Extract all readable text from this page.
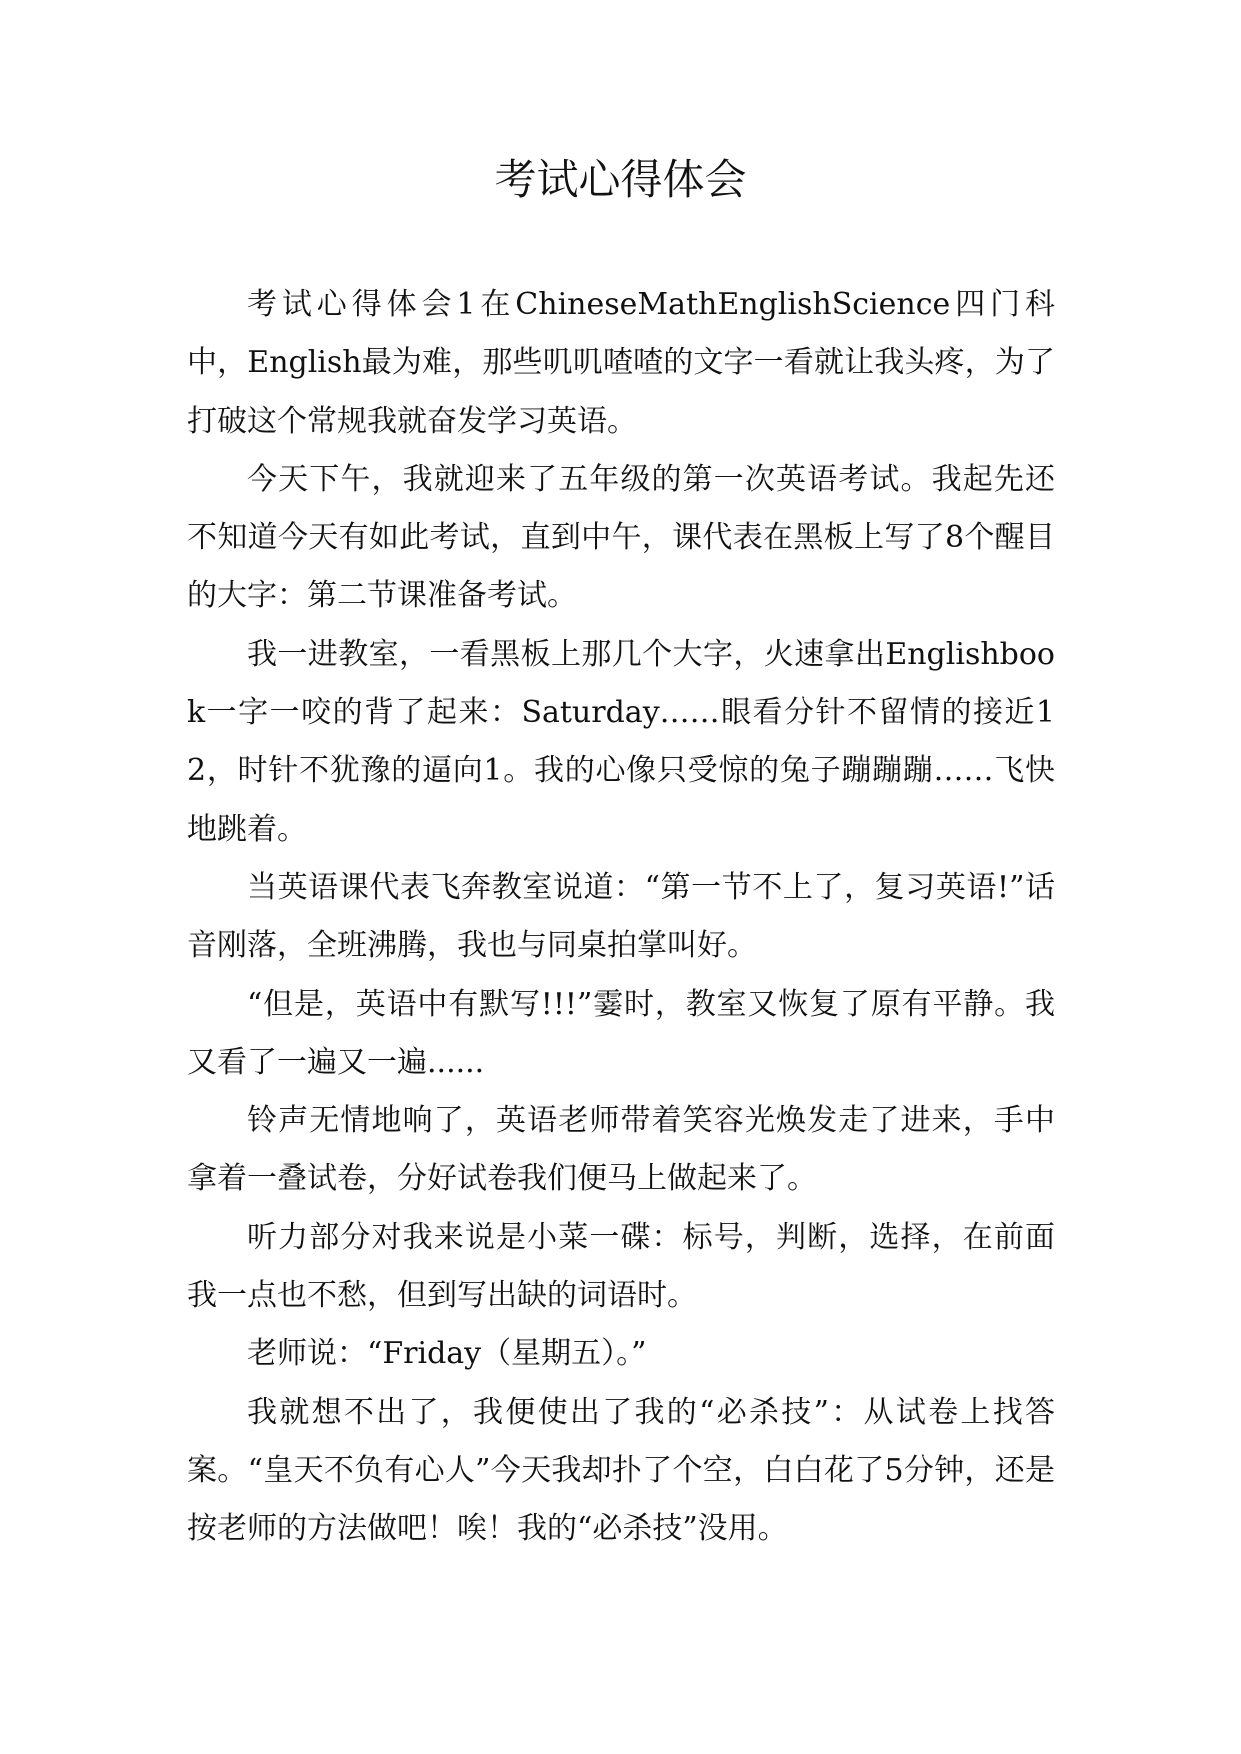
考试心得体会

考试心得体会1在ChineseMathEnglishScience四门科中，English最为难，那些叽叽喳喳的文字一看就让我头疼，为了打破这个常规我就奋发学习英语。

今天下午，我就迎来了五年级的第一次英语考试。我起先还不知道今天有如此考试，直到中午，课代表在黑板上写了8个醒目的大字：第二节课准备考试。

我一进教室，一看黑板上那几个大字，火速拿出Englishbook一字一咬的背了起来：Saturday……眼看分针不留情的接近12，时针不犹豫的逼向1。我的心像只受惊的兔子蹦蹦蹦……飞快地跳着。

当英语课代表飞奔教室说道：“第一节不上了，复习英语!”话音刚落，全班沸腾，我也与同桌拍掌叫好。

“但是，英语中有默写!!!”霎时，教室又恢复了原有平静。我又看了一遍又一遍......

铃声无情地响了，英语老师带着笑容光焕发走了进来，手中拿着一叠试卷，分好试卷我们便马上做起来了。

听力部分对我来说是小菜一碟：标号，判断，选择，在前面我一点也不愁，但到写出缺的词语时。

老师说：“Friday（星期五）。”

我就想不出了，我便使出了我的“必杀技”：从试卷上找答案。“皇天不负有心人”今天我却扑了个空，白白花了5分钟，还是按老师的方法做吧！唉！我的“必杀技”没用。
